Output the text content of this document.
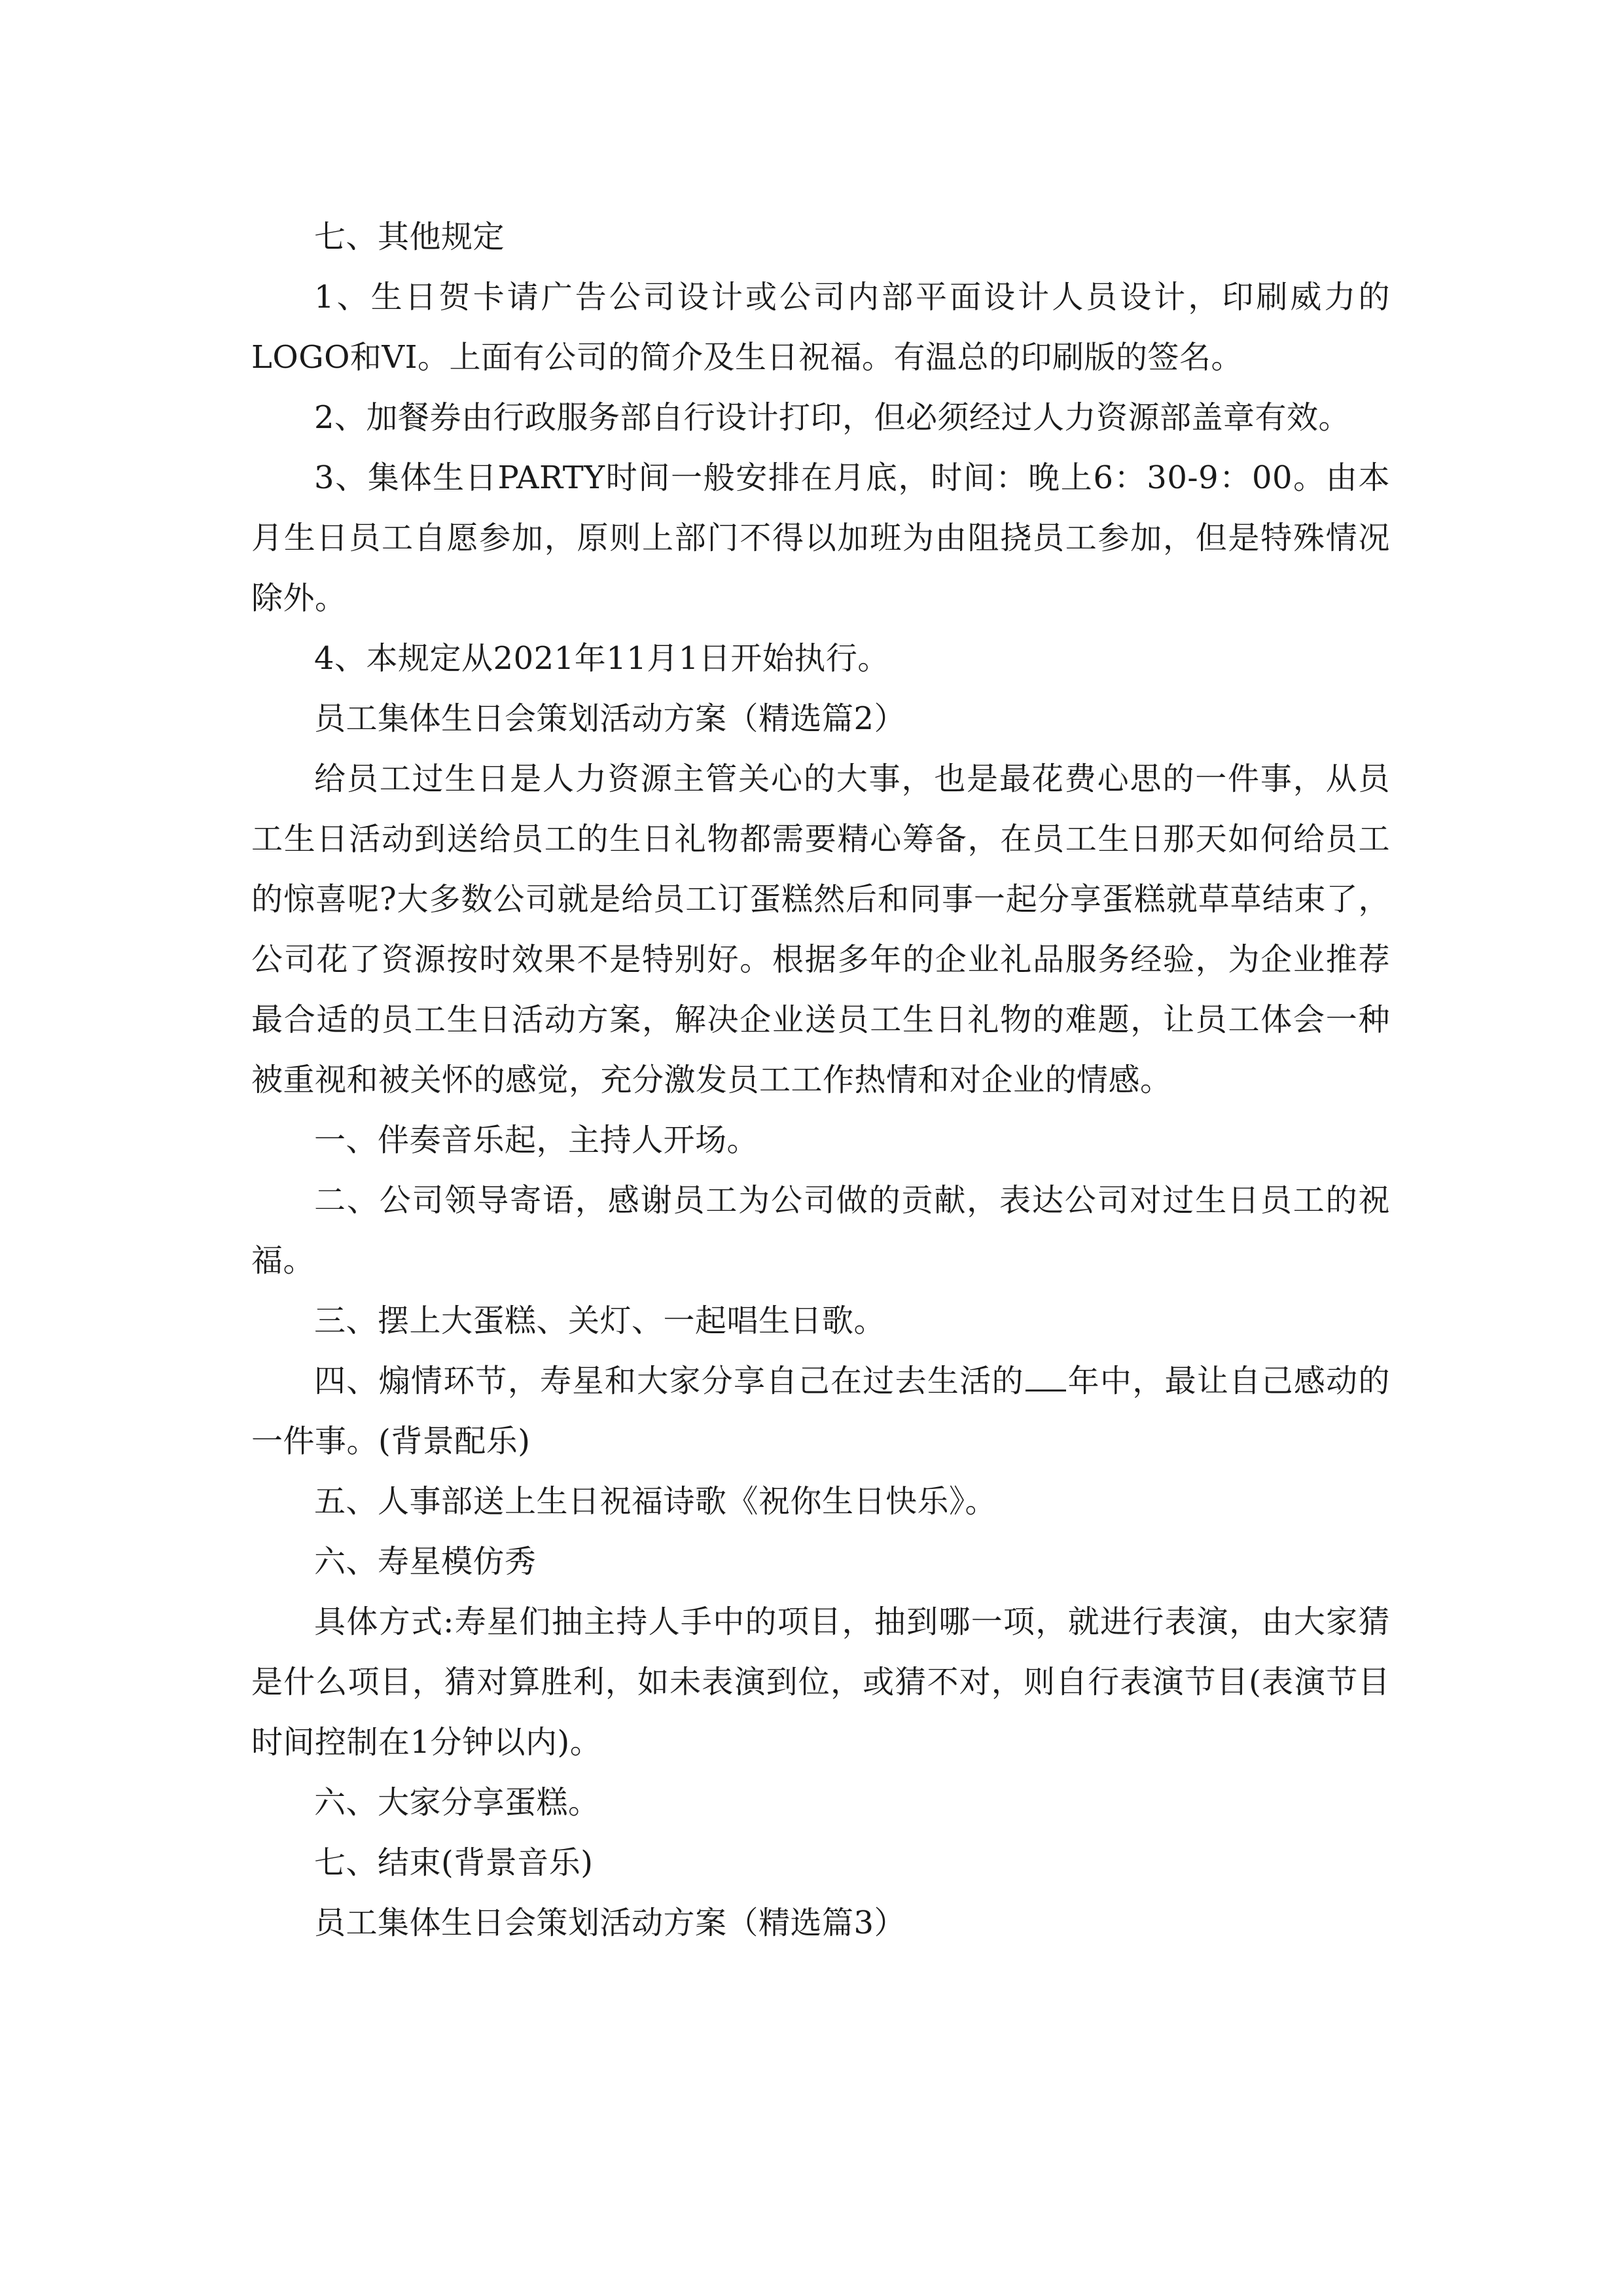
七、其他规定

1、生日贺卡请广告公司设计或公司内部平面设计人员设计，印刷威力的LOGO和VI。上面有公司的简介及生日祝福。有温总的印刷版的签名。

2、加餐券由行政服务部自行设计打印，但必须经过人力资源部盖章有效。

3、集体生日PARTY时间一般安排在月底，时间：晚上6：30-9：00。由本月生日员工自愿参加，原则上部门不得以加班为由阻挠员工参加，但是特殊情况除外。

4、本规定从2021年11月1日开始执行。

员工集体生日会策划活动方案（精选篇2）

给员工过生日是人力资源主管关心的大事，也是最花费心思的一件事，从员工生日活动到送给员工的生日礼物都需要精心筹备，在员工生日那天如何给员工的惊喜呢?大多数公司就是给员工订蛋糕然后和同事一起分享蛋糕就草草结束了，公司花了资源按时效果不是特别好。根据多年的企业礼品服务经验，为企业推荐最合适的员工生日活动方案，解决企业送员工生日礼物的难题，让员工体会一种被重视和被关怀的感觉，充分激发员工工作热情和对企业的情感。

一、伴奏音乐起，主持人开场。

二、公司领导寄语，感谢员工为公司做的贡献，表达公司对过生日员工的祝福。

三、摆上大蛋糕、关灯、一起唱生日歌。

四、煽情环节，寿星和大家分享自己在过去生活的 年中，最让自己感动的一件事。(背景配乐)

五、人事部送上生日祝福诗歌《祝你生日快乐》。

六、寿星模仿秀

具体方式:寿星们抽主持人手中的项目，抽到哪一项，就进行表演，由大家猜是什么项目，猜对算胜利，如未表演到位，或猜不对，则自行表演节目(表演节目时间控制在1分钟以内)。

六、大家分享蛋糕。

七、结束(背景音乐)

员工集体生日会策划活动方案（精选篇3）
